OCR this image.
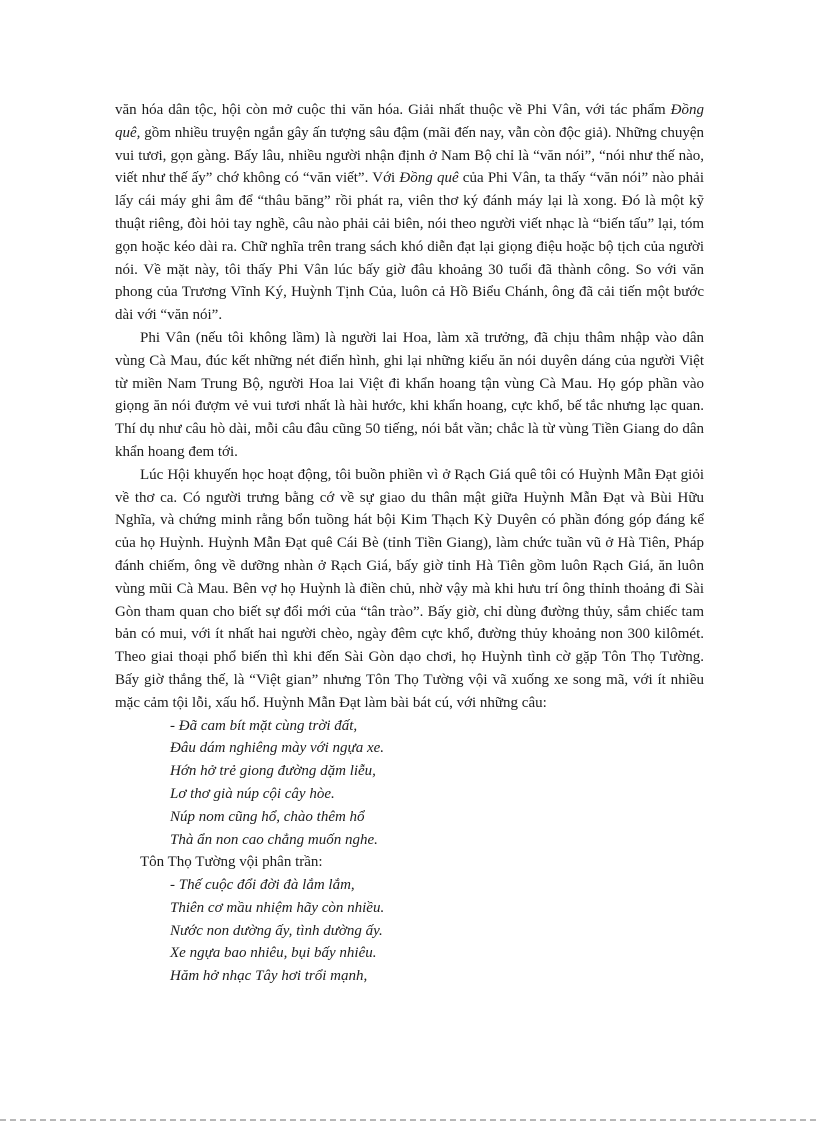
văn hóa dân tộc, hội còn mở cuộc thi văn hóa. Giải nhất thuộc về Phi Vân, với tác phẩm Đồng quê, gồm nhiều truyện ngắn gây ấn tượng sâu đậm (mãi đến nay, vẫn còn độc giả). Những chuyện vui tươi, gọn gàng. Bấy lâu, nhiều người nhận định ở Nam Bộ chỉ là “văn nói”, “nói như thế nào, viết như thế ấy” chớ không có “văn viết”. Với Đồng quê của Phi Vân, ta thấy “văn nói” nào phải lấy cái máy ghi âm để “thâu băng” rồi phát ra, viên thơ ký đánh máy lại là xong. Đó là một kỹ thuật riêng, đòi hỏi tay nghề, câu nào phải cải biên, nói theo người viết nhạc là “biến tấu” lại, tóm gọn hoặc kéo dài ra. Chữ nghĩa trên trang sách khó diễn đạt lại giọng điệu hoặc bộ tịch của người nói. Về mặt này, tôi thấy Phi Vân lúc bấy giờ đâu khoảng 30 tuổi đã thành công. So với văn phong của Trương Vĩnh Ký, Huỳnh Tịnh Của, luôn cả Hồ Biểu Chánh, ông đã cải tiến một bước dài với “văn nói”.

Phi Vân (nếu tôi không lầm) là người lai Hoa, làm xã trưởng, đã chịu thâm nhập vào dân vùng Cà Mau, đúc kết những nét điển hình, ghi lại những kiểu ăn nói duyên dáng của người Việt từ miền Nam Trung Bộ, người Hoa lai Việt đi khẩn hoang tận vùng Cà Mau. Họ góp phần vào giọng ăn nói đượm vẻ vui tươi nhất là hài hước, khi khẩn hoang, cực khổ, bế tắc nhưng lạc quan. Thí dụ như câu hò dài, mỗi câu đâu cũng 50 tiếng, nói bắt vần; chắc là từ vùng Tiền Giang do dân khẩn hoang đem tới.

Lúc Hội khuyến học hoạt động, tôi buồn phiền vì ở Rạch Giá quê tôi có Huỳnh Mẫn Đạt giỏi về thơ ca. Có người trưng bằng cớ về sự giao du thân mật giữa Huỳnh Mẫn Đạt và Bùi Hữu Nghĩa, và chứng minh rằng bổn tuồng hát bội Kim Thạch Kỳ Duyên có phần đóng góp đáng kể của họ Huỳnh. Huỳnh Mẫn Đạt quê Cái Bè (tỉnh Tiền Giang), làm chức tuần vũ ở Hà Tiên, Pháp đánh chiếm, ông về dưỡng nhàn ở Rạch Giá, bấy giờ tỉnh Hà Tiên gồm luôn Rạch Giá, ăn luôn vùng mũi Cà Mau. Bên vợ họ Huỳnh là điền chủ, nhờ vậy mà khi hưu trí ông thỉnh thoảng đi Sài Gòn tham quan cho biết sự đổi mới của “tân trào”. Bấy giờ, chỉ dùng đường thủy, sắm chiếc tam bản có mui, với ít nhất hai người chèo, ngày đêm cực khổ, đường thủy khoảng non 300 kilômét. Theo giai thoại phổ biến thì khi đến Sài Gòn dạo chơi, họ Huỳnh tình cờ gặp Tôn Thọ Tường. Bấy giờ thắng thế, là “Việt gian” nhưng Tôn Thọ Tường vội vã xuống xe song mã, với ít nhiều mặc cảm tội lỗi, xấu hổ. Huỳnh Mẫn Đạt làm bài bát cú, với những câu:

- Đã cam bít mặt cùng trời đất,
Đâu dám nghiêng mày với ngựa xe.
Hớn hở trẻ giong đường dặm liễu,
Lơ thơ già núp cội cây hòe.
Núp nom cũng hổ, chào thêm hổ
Thà ẩn non cao chẳng muốn nghe.

Tôn Thọ Tường vội phân trần:

- Thế cuộc đổi đời đà lắm lắm,
Thiên cơ mầu nhiệm hãy còn nhiều.
Nước non dường ấy, tình dường ấy.
Xe ngựa bao nhiêu, bụi bấy nhiêu.
Hăm hở nhạc Tây hơi trổi mạnh,
